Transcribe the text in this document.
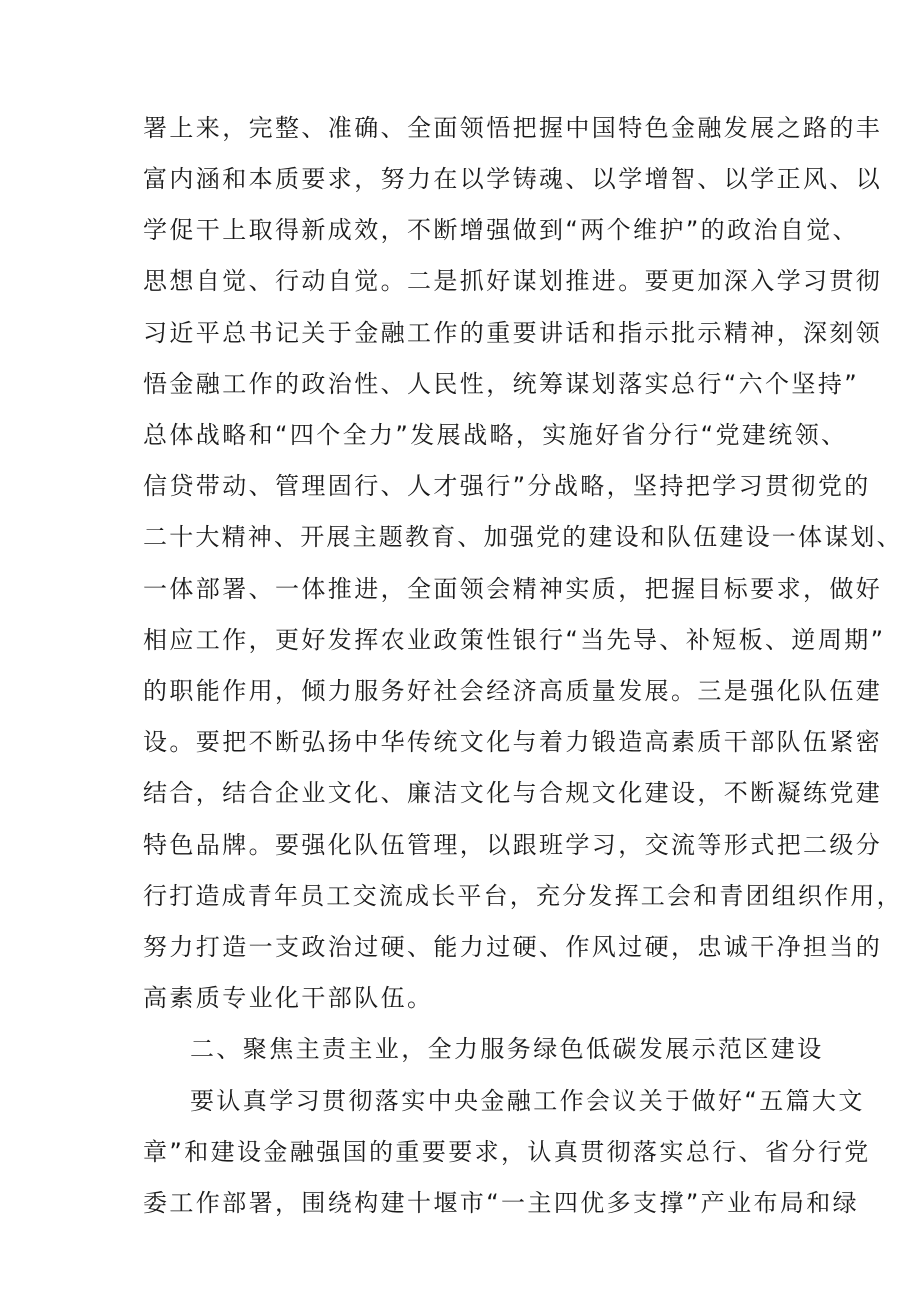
署上来，完整、准确、全面领悟把握中国特色金融发展之路的丰
富内涵和本质要求，努力在以学铸魂、以学增智、以学正风、以
学促干上取得新成效，不断增强做到“两个维护”的政治自觉、
思想自觉、行动自觉。二是抓好谋划推进。要更加深入学习贯彻
习近平总书记关于金融工作的重要讲话和指示批示精神，深刻领
悟金融工作的政治性、人民性，统筹谋划落实总行“六个坚持”
总体战略和“四个全力”发展战略，实施好省分行“党建统领、
信贷带动、管理固行、人才强行”分战略，坚持把学习贯彻党的
二十大精神、开展主题教育、加强党的建设和队伍建设一体谋划、
一体部署、一体推进，全面领会精神实质，把握目标要求，做好
相应工作，更好发挥农业政策性银行“当先导、补短板、逆周期”
的职能作用，倾力服务好社会经济高质量发展。三是强化队伍建
设。要把不断弘扬中华传统文化与着力锻造高素质干部队伍紧密
结合，结合企业文化、廉洁文化与合规文化建设，不断凝练党建
特色品牌。要强化队伍管理，以跟班学习，交流等形式把二级分
行打造成青年员工交流成长平台，充分发挥工会和青团组织作用，
努力打造一支政治过硬、能力过硬、作风过硬，忠诚干净担当的
高素质专业化干部队伍。
二、聚焦主责主业，全力服务绿色低碳发展示范区建设
要认真学习贯彻落实中央金融工作会议关于做好“五篇大文
章”和建设金融强国的重要要求，认真贯彻落实总行、省分行党
委工作部署，围绕构建十堰市“一主四优多支撑”产业布局和绿
